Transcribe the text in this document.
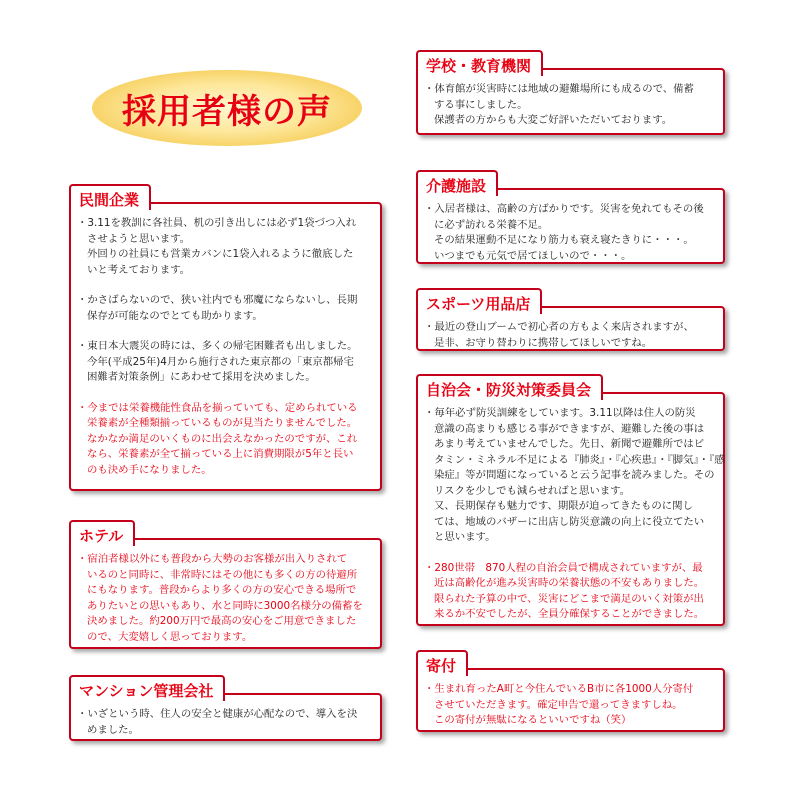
採用者様の声
民間企業
・3.11を教訓に各社員、机の引き出しには必ず1袋づつ入れ
させようと思います。
外回りの社員にも営業カバンに1袋入れるように徹底した
いと考えております。
・かさばらないので、狭い社内でも邪魔にならないし、長期
保存が可能なのでとても助かります。
・東日本大震災の時には、多くの帰宅困難者も出しました。
今年(平成25年)4月から施行された東京都の「東京都帰宅
困難者対策条例」にあわせて採用を決めました。
・今までは栄養機能性食品を揃っていても、定められている
栄養素が全種類揃っているものが見当たりませんでした。
なかなか満足のいくものに出会えなかったのですが、これ
なら、栄養素が全て揃っている上に消費期限が5年と長い
のも決め手になりました。
ホテル
・宿泊者様以外にも普段から大勢のお客様が出入りされて
いるのと同時に、非常時にはその他にも多くの方の待避所
にもなります。普段からより多くの方の安心できる場所で
ありたいとの思いもあり、水と同時に3000名様分の備蓄を
決めました。約200万円で最高の安心をご用意できました
ので、大変嬉しく思っております。
マンション管理会社
・いざという時、住人の安全と健康が心配なので、導入を決
めました。
学校・教育機関
・体育館が災害時には地域の避難場所にも成るので、備蓄
する事にしました。
保護者の方からも大変ご好評いただいております。
介護施設
・入居者様は、高齢の方ばかりです。災害を免れてもその後
に必ず訪れる栄養不足。
その結果運動不足になり筋力も衰え寝たきりに・・・。
いつまでも元気で居てほしいので・・・。
スポーツ用品店
・最近の登山ブームで初心者の方もよく来店されますが、
是非、お守り替わりに携帯してほしいですね。
自治会・防災対策委員会
・毎年必ず防災訓練をしています。3.11以降は住人の防災
意識の高まりも感じる事ができますが、避難した後の事は
あまり考えていませんでした。先日、新聞で避難所ではビ
タミン・ミネラル不足による『肺炎』・『心疾患』・『脚気』・『感
染症』等が問題になっていると云う記事を読みました。その
リスクを少しでも減らせればと思います。
又、長期保存も魅力です、期限が迫ってきたものに関し
ては、地域のバザーに出店し防災意識の向上に役立てたい
と思います。
・280世帯　870人程の自治会員で構成されていますが、最
近は高齢化が進み災害時の栄養状態の不安もありました。
限られた予算の中で、災害にどこまで満足のいく対策が出
来るか不安でしたが、全員分確保することができました。
寄付
・生まれ育ったA町と今住んでいるB市に各1000人分寄付
させていただきます。確定申告で還ってきますしね。
この寄付が無駄になるといいですね（笑）
